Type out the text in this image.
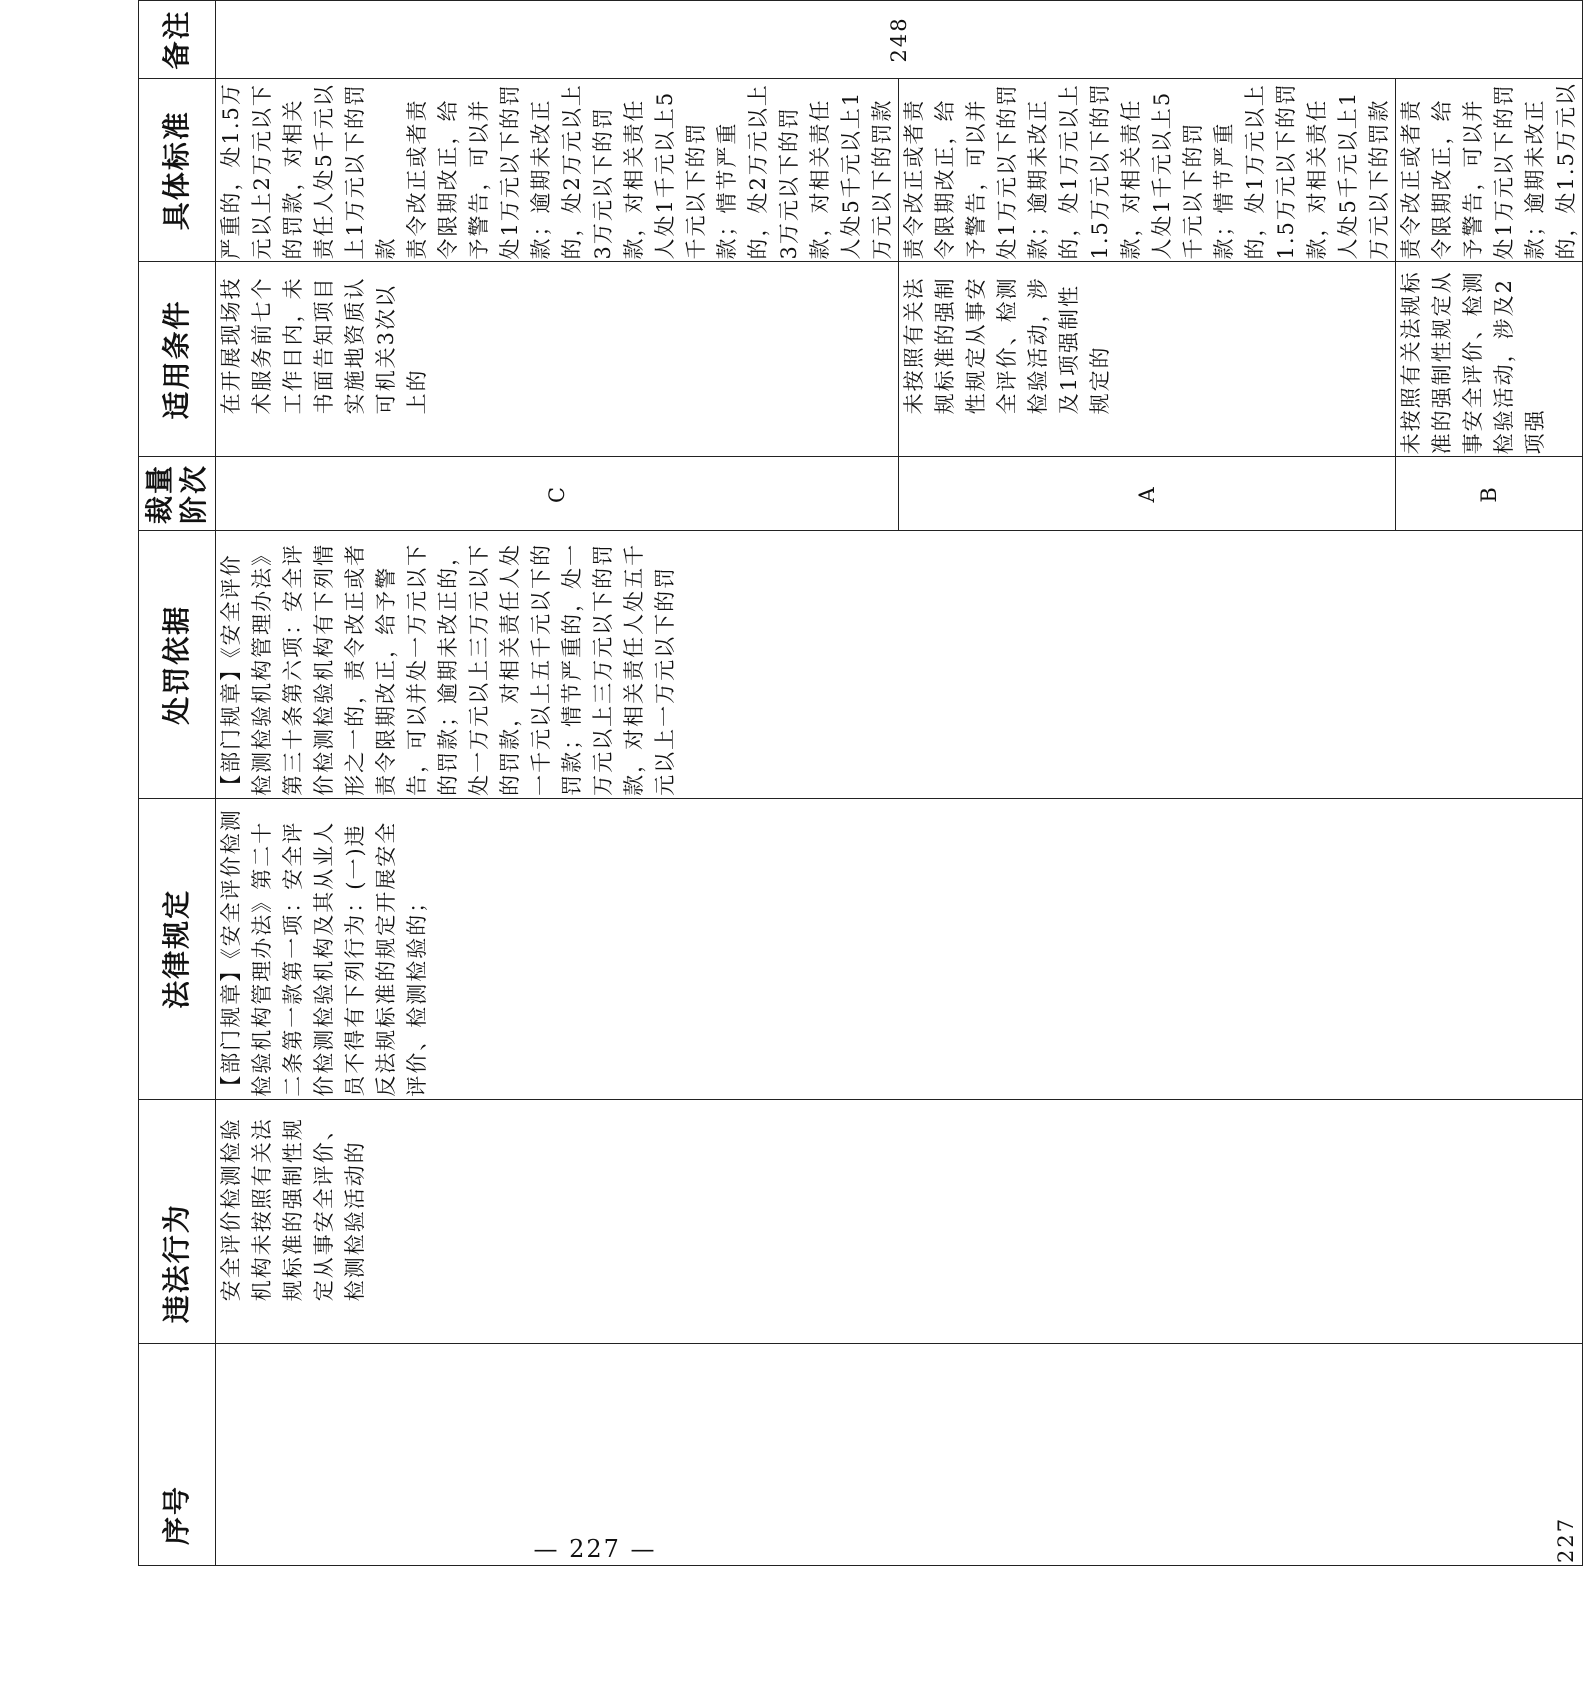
序号	违法行为	法律规定	处罚依据	裁量阶次	适用条件	具体标准	备注
227	安全评价检测检验机构未按照有关法规标准的强制性规定从事安全评价、检测检验活动的	【部门规章】《安全评价检测检验机构管理办法》第二十二条第一款第一项：安全评价检测检验机构及其从业人员不得有下列行为：(一)违反法规标准的规定开展安全评价、检测检验的；	【部门规章】《安全评价检测检验机构管理办法》第三十条第六项：安全评价检测检验机构有下列情形之一的，责令改正或者责令限期改正，给予警告，可以并处一万元以下的罚款；逾期未改正的，处一万元以上三万元以下的罚款，对相关责任人处一千元以上五千元以下的罚款；情节严重的，处一万元以上三万元以下的罚款，对相关责任人处五千元以上一万元以下的罚	C	在开展现场技术服务前七个工作日内，未书面告知项目实施地资质认可机关3次以上的	严重的，处1.5万元以上2万元以下的罚款，对相关责任人处5千元以上1万元以下的罚款
责令改正或者责令限期改正，给予警告，可以并处1万元以下的罚款；逾期未改正的，处2万元以上3万元以下的罚款，对相关责任人处1千元以上5千元以下的罚款；情节严重的，处2万元以上3万元以下的罚款，对相关责任人处5千元以上1万元以下的罚款	248
				A	未按照有关法规标准的强制性规定从事安全评价、检测检验活动，涉及1项强制性规定的	责令改正或者责令限期改正，给予警告，可以并处1万元以下的罚款；逾期未改正的，处1万元以上1.5万元以下的罚款，对相关责任人处1千元以上5千元以下的罚款；情节严重的，处1万元以上1.5万元以下的罚款，对相关责任人处5千元以上1万元以下的罚款	
				B	未按照有关法规标准的强制性规定从事安全评价、检测检验活动，涉及2项强	责令改正或者责令限期改正，给予警告，可以并处1万元以下的罚款；逾期未改正的，处1.5万元以	
— 227 —
